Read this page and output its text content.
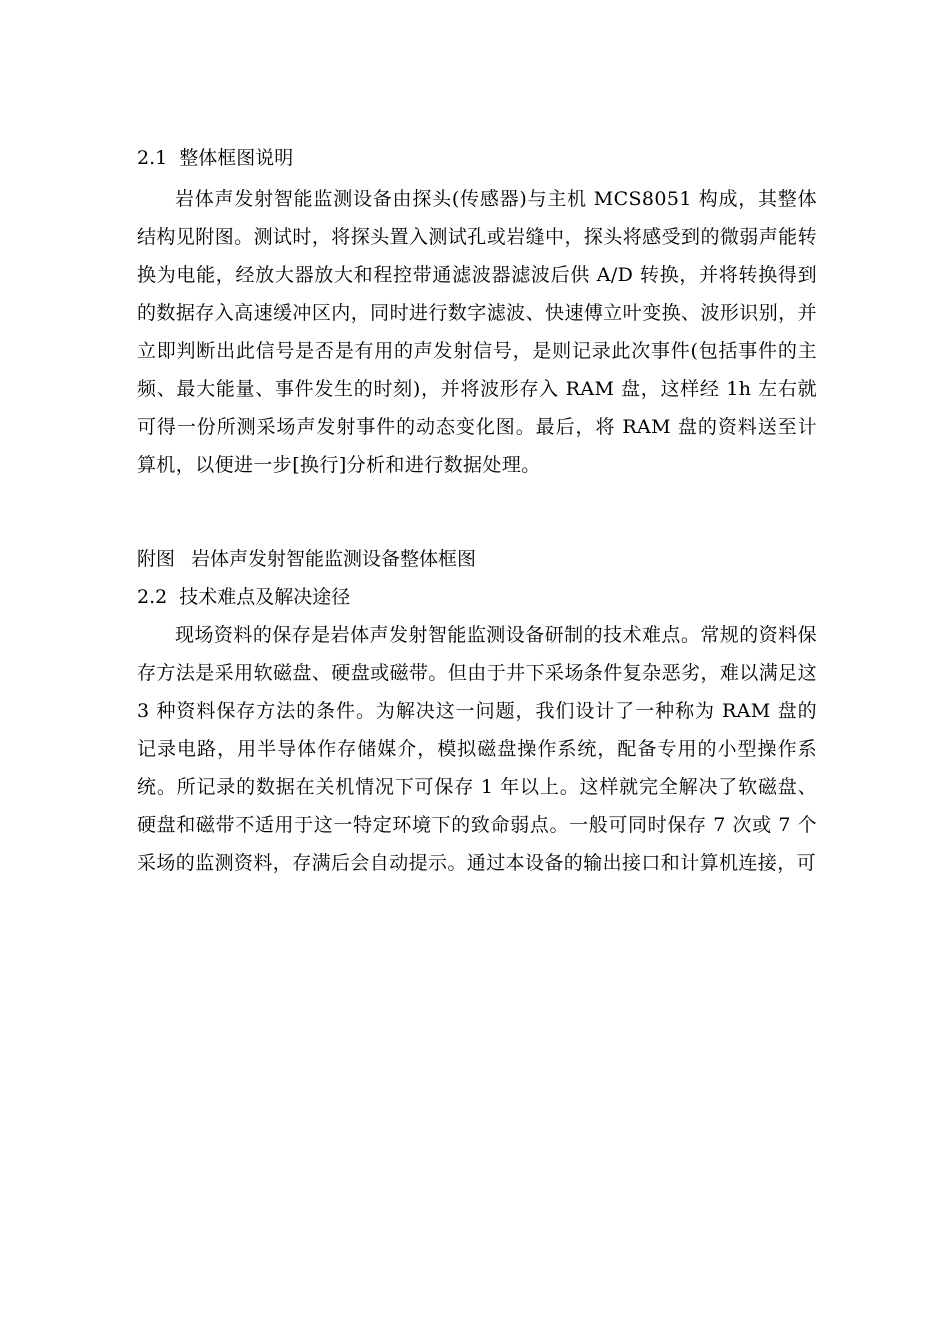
2.1 整体框图说明

岩体声发射智能监测设备由探头(传感器)与主机 MCS8051 构成，其整体结构见附图。测试时，将探头置入测试孔或岩缝中，探头将感受到的微弱声能转换为电能，经放大器放大和程控带通滤波器滤波后供 A/D 转换，并将转换得到的数据存入高速缓冲区内，同时进行数字滤波、快速傅立叶变换、波形识别，并立即判断出此信号是否是有用的声发射信号，是则记录此次事件(包括事件的主频、最大能量、事件发生的时刻)，并将波形存入 RAM 盘，这样经 1h 左右就可得一份所测采场声发射事件的动态变化图。最后，将 RAM 盘的资料送至计算机，以便进一步[换行]分析和进行数据处理。

附图 岩体声发射智能监测设备整体框图

2.2 技术难点及解决途径

现场资料的保存是岩体声发射智能监测设备研制的技术难点。常规的资料保存方法是采用软磁盘、硬盘或磁带。但由于井下采场条件复杂恶劣，难以满足这 3 种资料保存方法的条件。为解决这一问题，我们设计了一种称为 RAM 盘的记录电路，用半导体作存储媒介，模拟磁盘操作系统，配备专用的小型操作系统。所记录的数据在关机情况下可保存 1 年以上。这样就完全解决了软磁盘、硬盘和磁带不适用于这一特定环境下的致命弱点。一般可同时保存 7 次或 7 个采场的监测资料，存满后会自动提示。通过本设备的输出接口和计算机连接，可
